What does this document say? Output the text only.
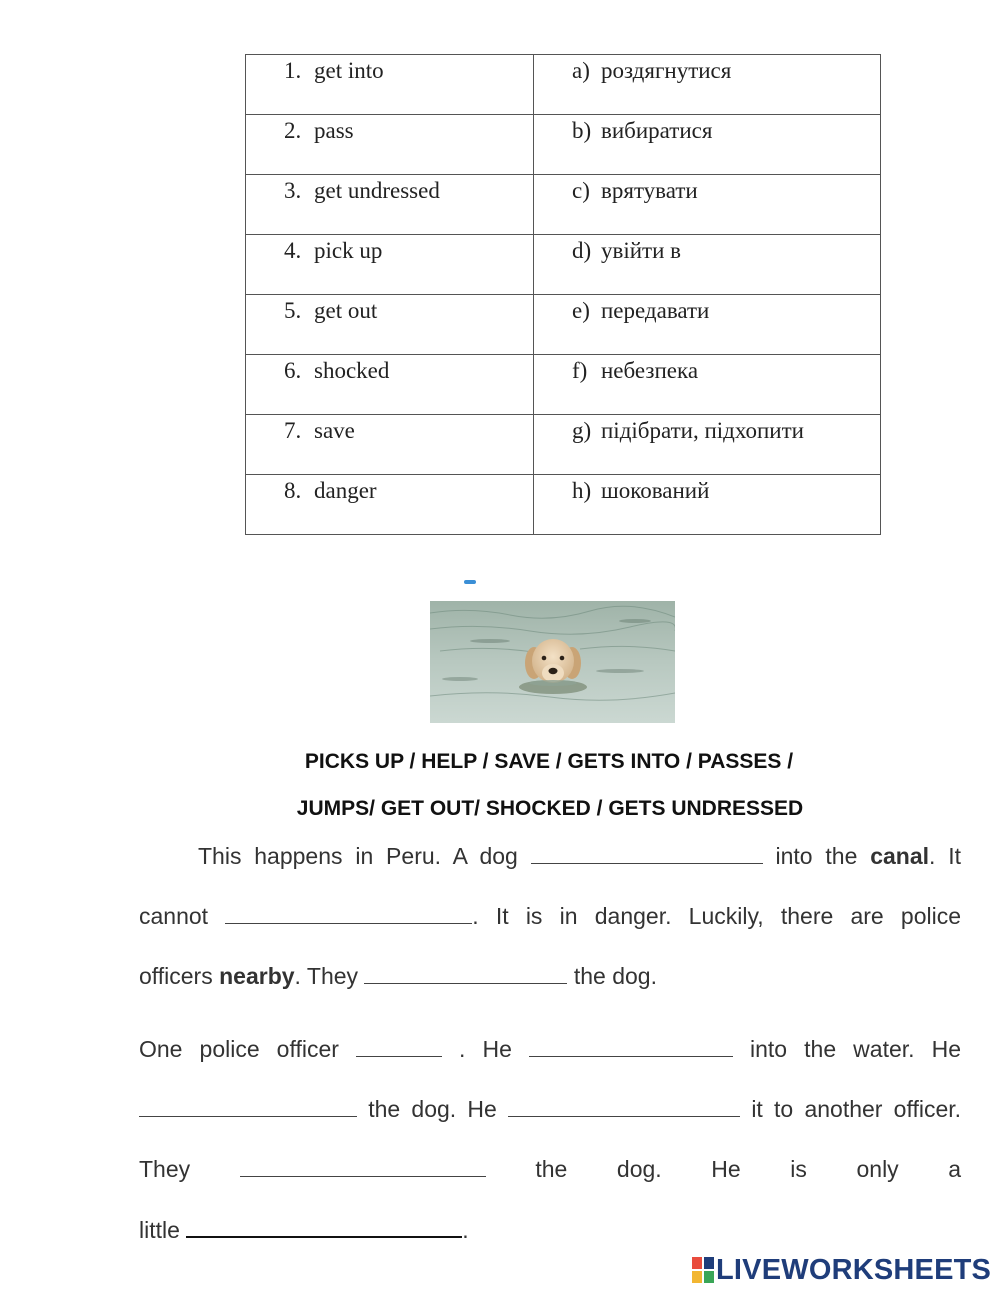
1. get into	a) роздягнутися
2. pass	b) вибиратися
3. get undressed	c) врятувати
4. pick up	d) увійти в
5. get out	e) передавати
6. shocked	f) небезпека
7. save	g) підібрати, підхопити
8. danger	h) шокований
PICKS UP / HELP / SAVE / GETS INTO / PASSES /
JUMPS/ GET OUT/ SHOCKED / GETS UNDRESSED
This happens in Peru. A dog	into the canal. It
cannot	. It is in danger. Luckily, there are police
officers nearby. They	the dog.
One police officer	. He	into the water. He
the dog. He	it to another officer.
They	the dog. He is only a
little	.
LIVEWORKSHEETS
